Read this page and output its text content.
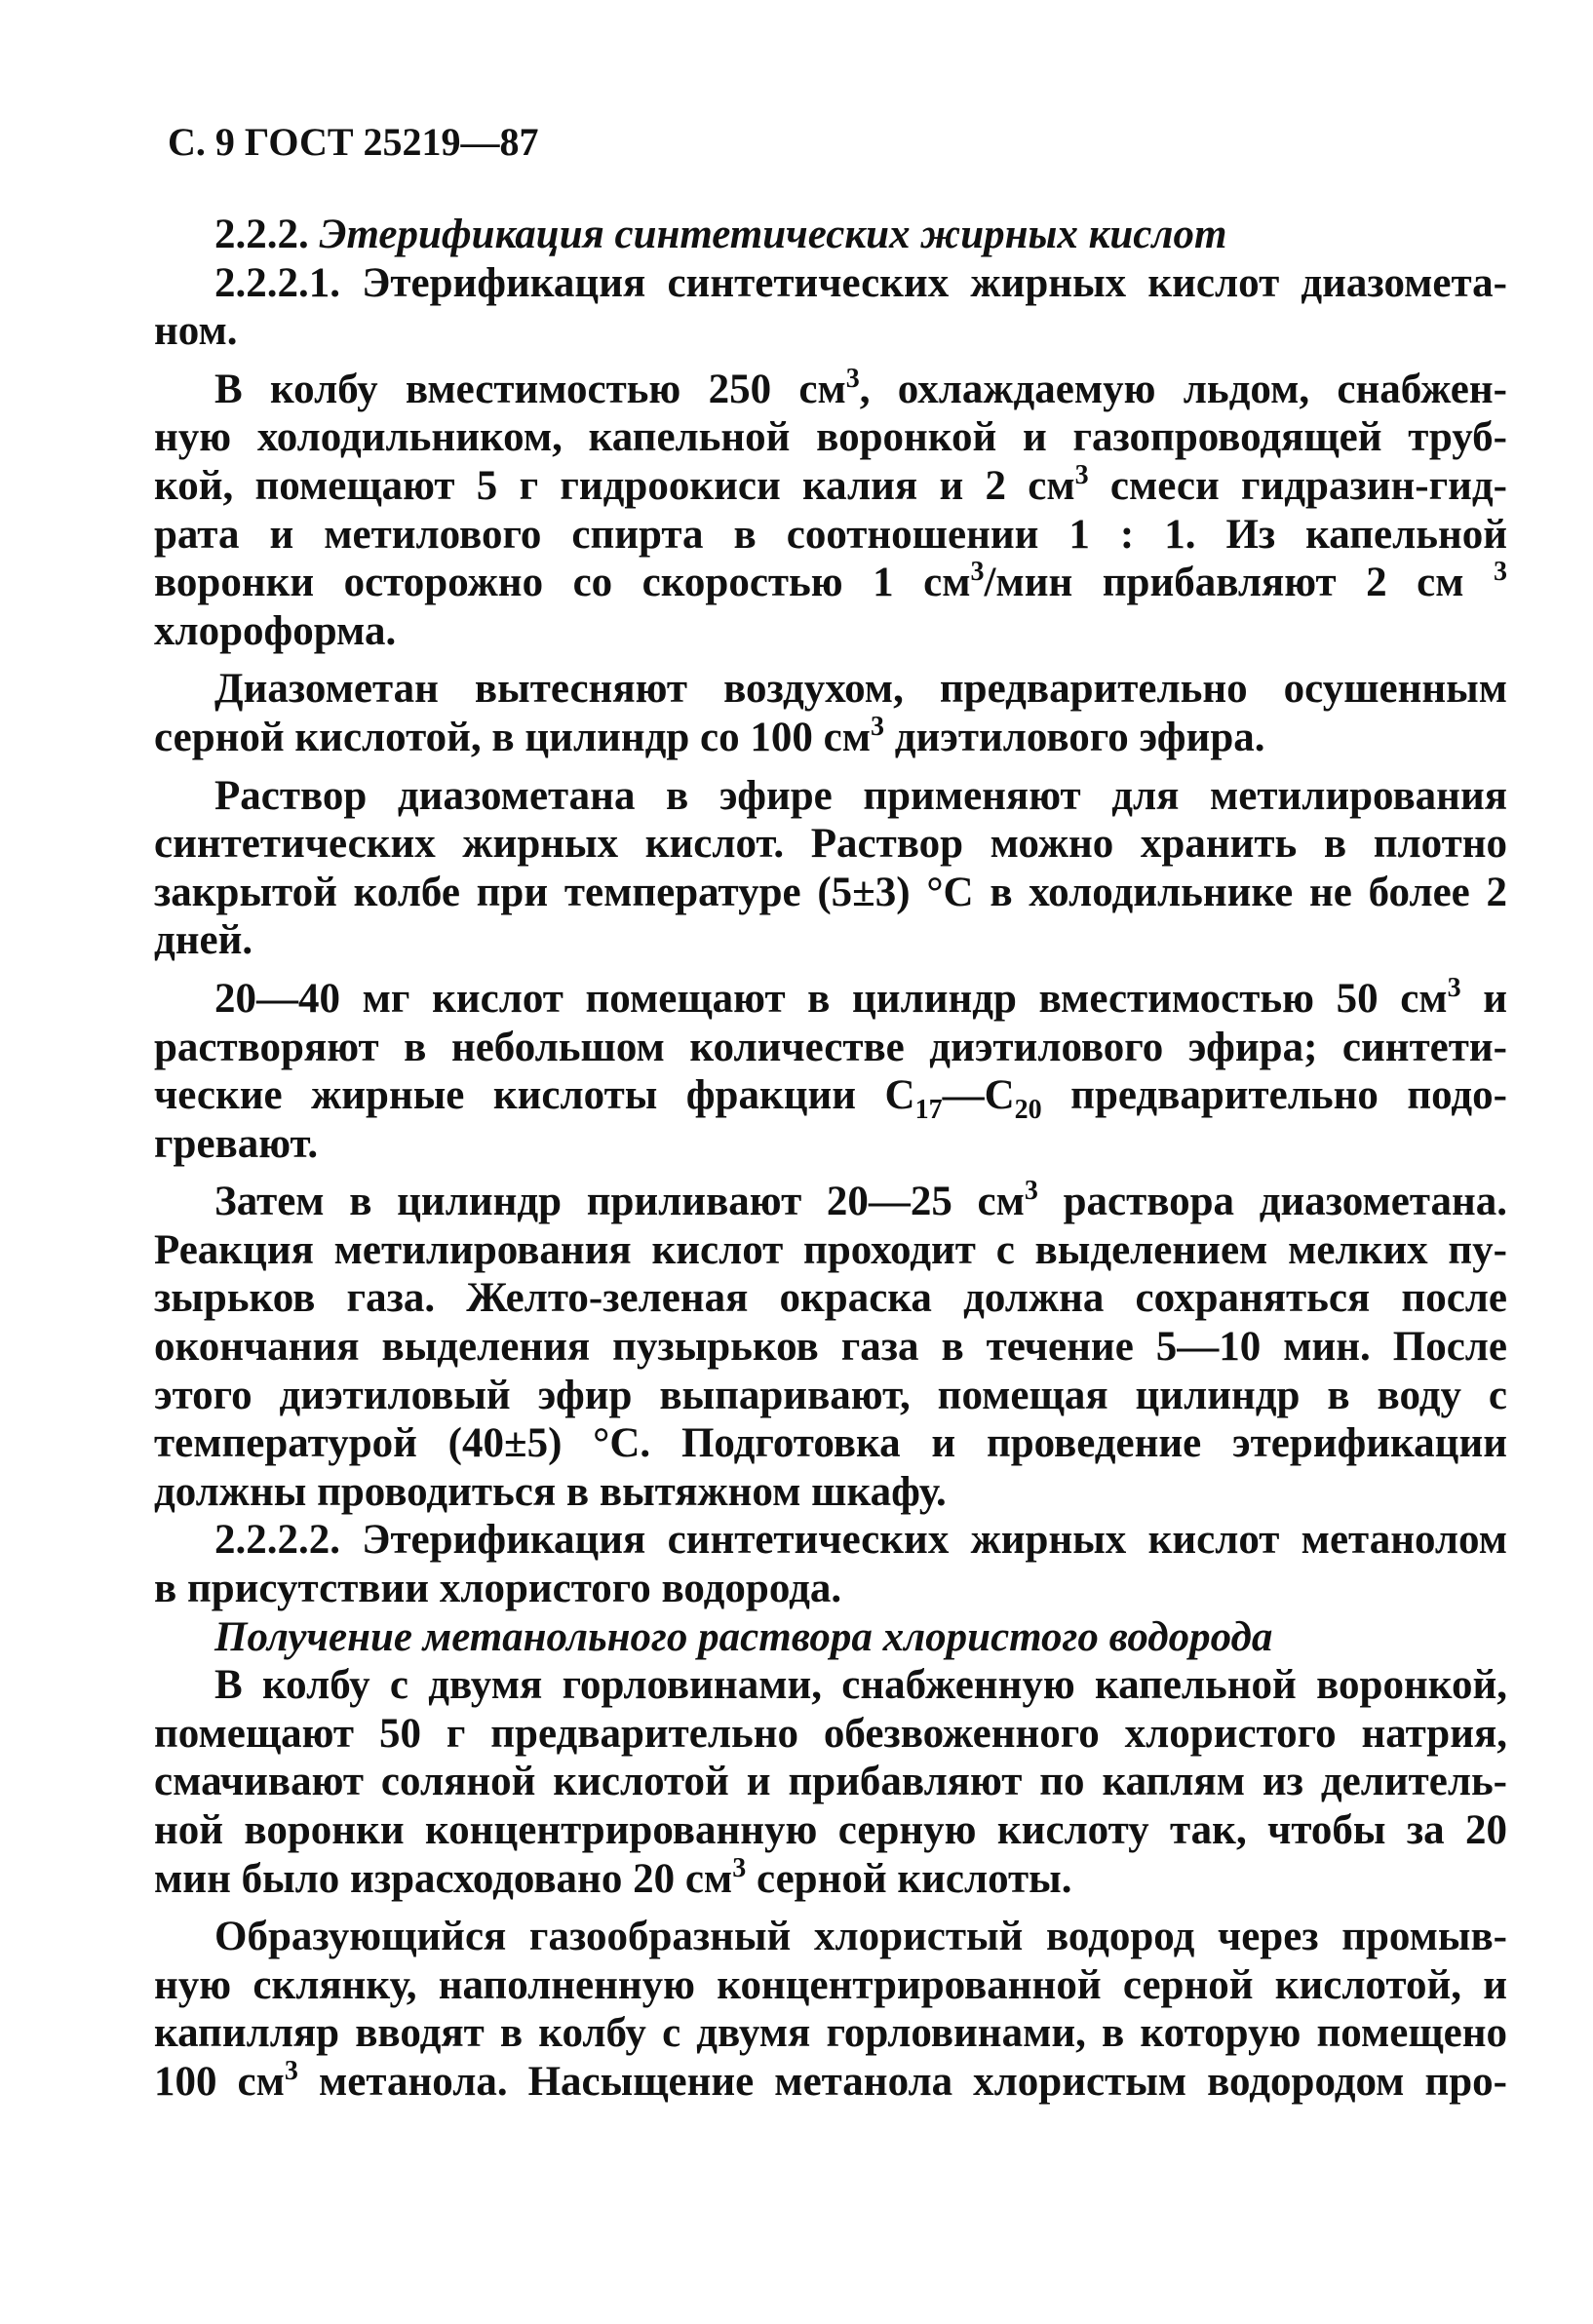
С. 9 ГОСТ 25219—87
2.2.2. Этерификация синтетических жирных кислот
2.2.2.1. Этерификация синтетических жирных кислот диазомета-
ном.
В колбу вместимостью 250 $см^3$, охлаждаемую льдом, снабжен-
ную холодильником, капельной воронкой и газопроводящей труб-
кой, помещают 5 г гидроокиси калия и 2 $см^3$ смеси гидразин-гид-
рата и метилового спирта в соотношении 1 : 1. Из капельной
воронки осторожно со скоростью 1 $см^3$/мин прибавляют 2 см $^3$
хлороформа.
Диазометан вытесняют воздухом, предварительно осушенным
серной кислотой, в цилиндр со 100 $см^3$ диэтилового эфира.
Раствор диазометана в эфире применяют для метилирования
синтетических жирных кислот. Раствор можно хранить в плотно
закрытой колбе при температуре (5±3) °С в холодильнике не более 2
дней.
20—40 мг кислот помещают в цилиндр вместимостью 50 $см^3$ и
растворяют в небольшом количестве диэтилового эфира; синтети-
ческие жирные кислоты фракции $С_{17}—С_{20}$ предварительно подо-
гревают.
Затем в цилиндр приливают 20—25 $см^3$ раствора диазометана.
Реакция метилирования кислот проходит с выделением мелких пу-
зырьков газа. Желто-зеленая окраска должна сохраняться после
окончания выделения пузырьков газа в течение 5—10 мин. После
этого диэтиловый эфир выпаривают, помещая цилиндр в воду с
температурой (40±5) °С. Подготовка и проведение этерификации
должны проводиться в вытяжном шкафу.
2.2.2.2. Этерификация синтетических жирных кислот метанолом
в присутствии хлористого водорода.
Получение метанольного раствора хлористого водорода
В колбу с двумя горловинами, снабженную капельной воронкой,
помещают 50 г предварительно обезвоженного хлористого натрия,
смачивают соляной кислотой и прибавляют по каплям из делитель-
ной воронки концентрированную серную кислоту так, чтобы за 20
мин было израсходовано 20 $см^3$ серной кислоты.
Образующийся газообразный хлористый водород через промыв-
ную склянку, наполненную концентрированной серной кислотой, и
капилляр вводят в колбу с двумя горловинами, в которую помещено
100 $см^3$ метанола. Насыщение метанола хлористым водородом про-
